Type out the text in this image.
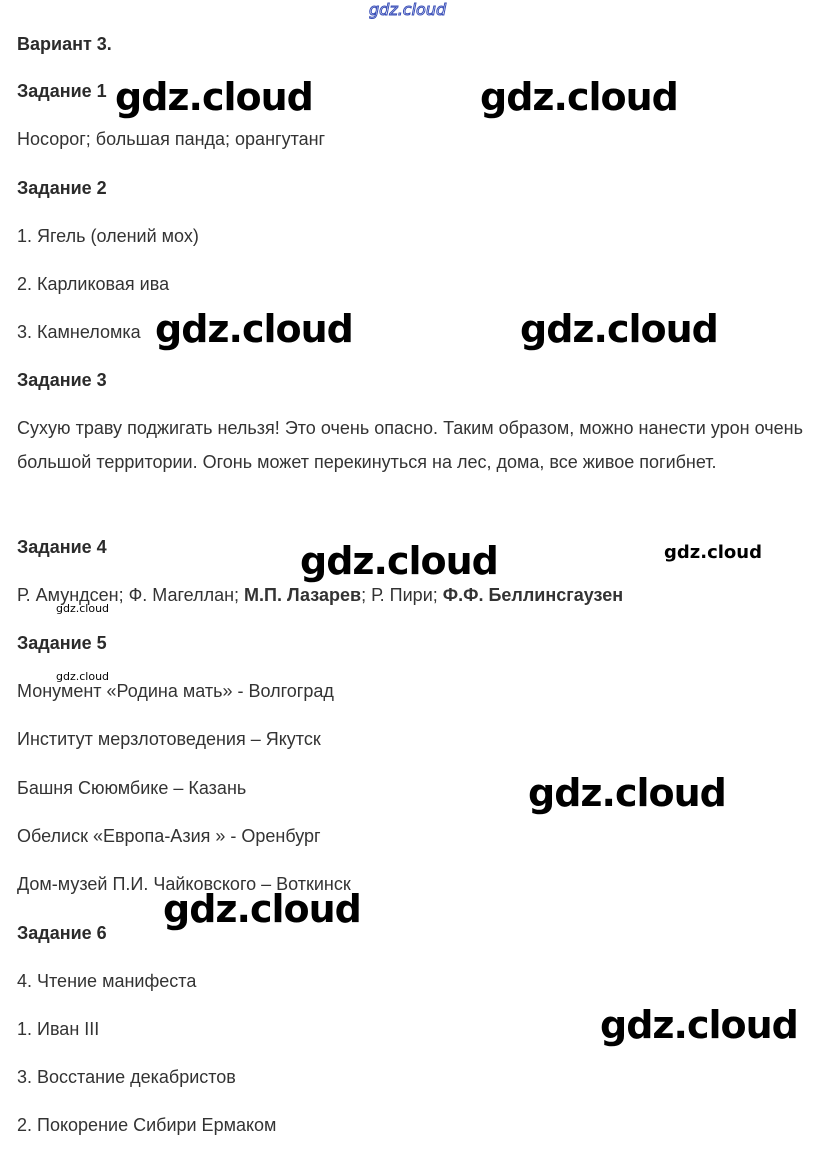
gdz.cloud

Вариант 3.

Задание 1

Носорог; большая панда; орангутанг

Задание 2

1. Ягель (олений мох)

2. Карликовая ива

3. Камнеломка

Задание 3

Сухую траву поджигать нельзя! Это очень опасно. Таким образом, можно нанести урон очень большой территории. Огонь может перекинуться на лес, дома, все живое погибнет.

Задание 4

Р. Амундсен; Ф. Магеллан; М.П. Лазарев; Р. Пири; Ф.Ф. Беллинсгаузен

Задание 5

Монумент «Родина мать» - Волгоград

Институт мерзлотоведения – Якутск

Башня Сююмбике – Казань

Обелиск «Европа-Азия » - Оренбург

Дом-музей П.И. Чайковского – Воткинск

Задание 6

4. Чтение манифеста

1. Иван III

3. Восстание декабристов

2. Покорение Сибири Ермаком

gdz.cloud	gdz.cloud
gdz.cloud	gdz.cloud
gdz.cloud	gdz.cloud
gdz.cloud
gdz.cloud
gdz.cloud
gdz.cloud
gdz.cloud
